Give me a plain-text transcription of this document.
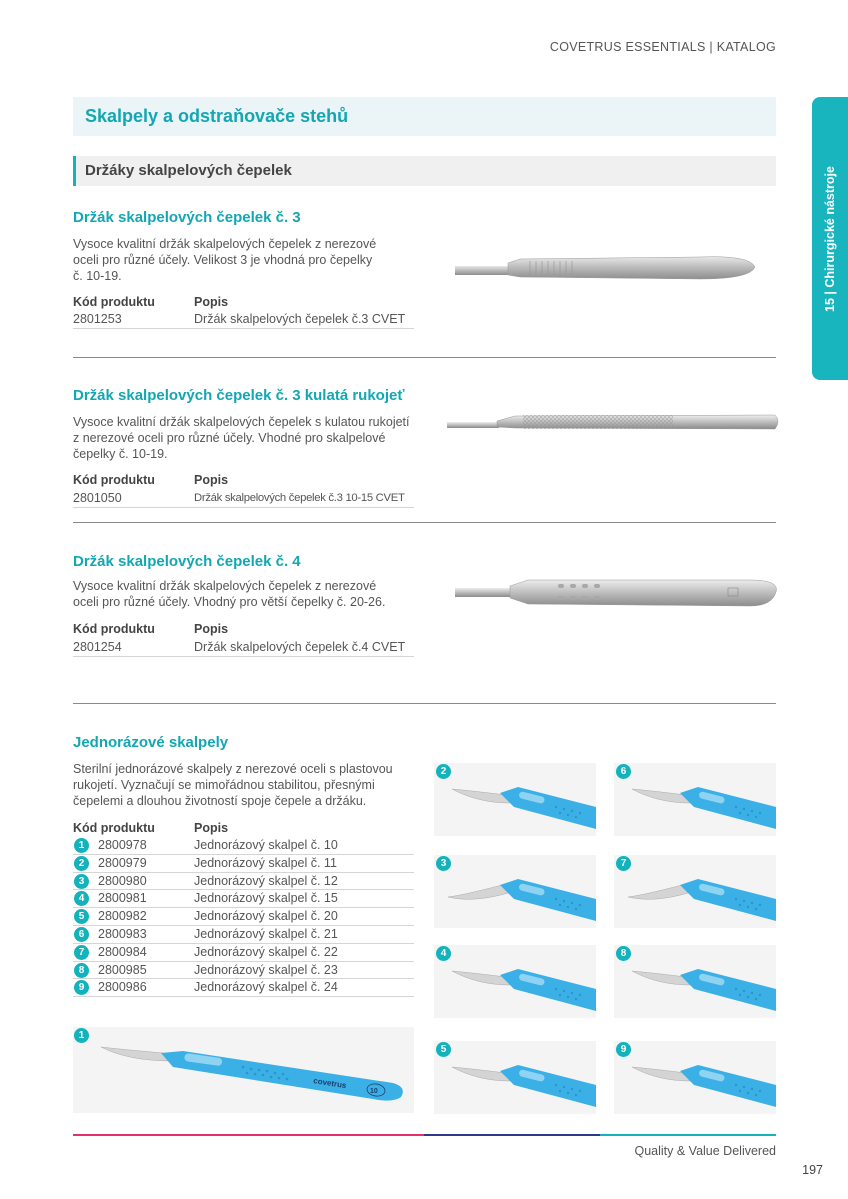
COVETRUS ESSENTIALS | KATALOG
15 | Chirurgické nástroje
Skalpely a odstraňovače stehů
Držáky skalpelových čepelek
Držák skalpelových čepelek č. 3
Vysoce kvalitní držák skalpelových čepelek z nerezové
oceli pro různé účely. Velikost 3 je vhodná pro čepelky
č. 10-19.
Kód produktu	Popis
2801253	Držák skalpelových čepelek č.3 CVET
Držák skalpelových čepelek č. 3 kulatá rukojeť
Vysoce kvalitní držák skalpelových čepelek s kulatou rukojetí
z nerezové oceli pro různé účely. Vhodné pro skalpelové
čepelky č. 10-19.
Kód produktu	Popis
2801050	Držák skalpelových čepelek č.3 10-15 CVET
Držák skalpelových čepelek č. 4
Vysoce kvalitní držák skalpelových čepelek z nerezové
oceli pro různé účely. Vhodný pro větší čepelky č. 20-26.
Kód produktu	Popis
2801254	Držák skalpelových čepelek č.4 CVET
Jednorázové skalpely
Sterilní jednorázové skalpely z nerezové oceli s plastovou
rukojetí. Vyznačují se mimořádnou stabilitou, přesnými
čepelemi a dlouhou životností spoje čepele a držáku.
Kód produktu	Popis
1	2800978	Jednorázový skalpel č. 10
2	2800979	Jednorázový skalpel č. 11
3	2800980	Jednorázový skalpel č. 12
4	2800981	Jednorázový skalpel č. 15
5	2800982	Jednorázový skalpel č. 20
6	2800983	Jednorázový skalpel č. 21
7	2800984	Jednorázový skalpel č. 22
8	2800985	Jednorázový skalpel č. 23
9	2800986	Jednorázový skalpel č. 24
covetrus
10
1
2	6
3	7
4	8
5	9
Quality & Value Delivered
197
